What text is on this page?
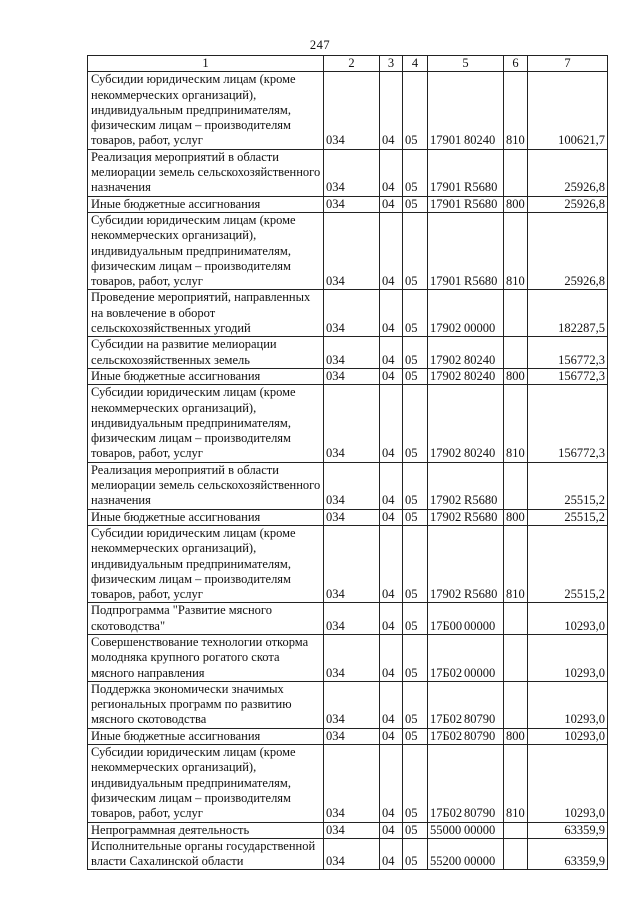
247
1	2	3	4	5	6	7
Субсидии юридическим лицам (кроме некоммерческих организаций), индивидуальным предпринимателям, физическим лицам – производителям товаров, работ, услуг	034	04	05	17901 80240	810	100621,7
Реализация мероприятий в области мелиорации земель сельскохозяйственного назначения	034	04	05	17901 R5680		25926,8
Иные бюджетные ассигнования	034	04	05	17901 R5680	800	25926,8
Субсидии юридическим лицам (кроме некоммерческих организаций), индивидуальным предпринимателям, физическим лицам – производителям товаров, работ, услуг	034	04	05	17901 R5680	810	25926,8
Проведение мероприятий, направленных на вовлечение в оборот сельскохозяйственных угодий	034	04	05	17902 00000		182287,5
Субсидии на развитие мелиорации сельскохозяйственных земель	034	04	05	17902 80240		156772,3
Иные бюджетные ассигнования	034	04	05	17902 80240	800	156772,3
Субсидии юридическим лицам (кроме некоммерческих организаций), индивидуальным предпринимателям, физическим лицам – производителям товаров, работ, услуг	034	04	05	17902 80240	810	156772,3
Реализация мероприятий в области мелиорации земель сельскохозяйственного назначения	034	04	05	17902 R5680		25515,2
Иные бюджетные ассигнования	034	04	05	17902 R5680	800	25515,2
Субсидии юридическим лицам (кроме некоммерческих организаций), индивидуальным предпринимателям, физическим лицам – производителям товаров, работ, услуг	034	04	05	17902 R5680	810	25515,2
Подпрограмма "Развитие мясного скотоводства"	034	04	05	17Б00 00000		10293,0
Совершенствование технологии откорма молодняка крупного рогатого скота мясного направления	034	04	05	17Б02 00000		10293,0
Поддержка экономически значимых региональных программ по развитию мясного скотоводства	034	04	05	17Б02 80790		10293,0
Иные бюджетные ассигнования	034	04	05	17Б02 80790	800	10293,0
Субсидии юридическим лицам (кроме некоммерческих организаций), индивидуальным предпринимателям, физическим лицам – производителям товаров, работ, услуг	034	04	05	17Б02 80790	810	10293,0
Непрограммная деятельность	034	04	05	55000 00000		63359,9
Исполнительные органы государственной власти Сахалинской области	034	04	05	55200 00000		63359,9
